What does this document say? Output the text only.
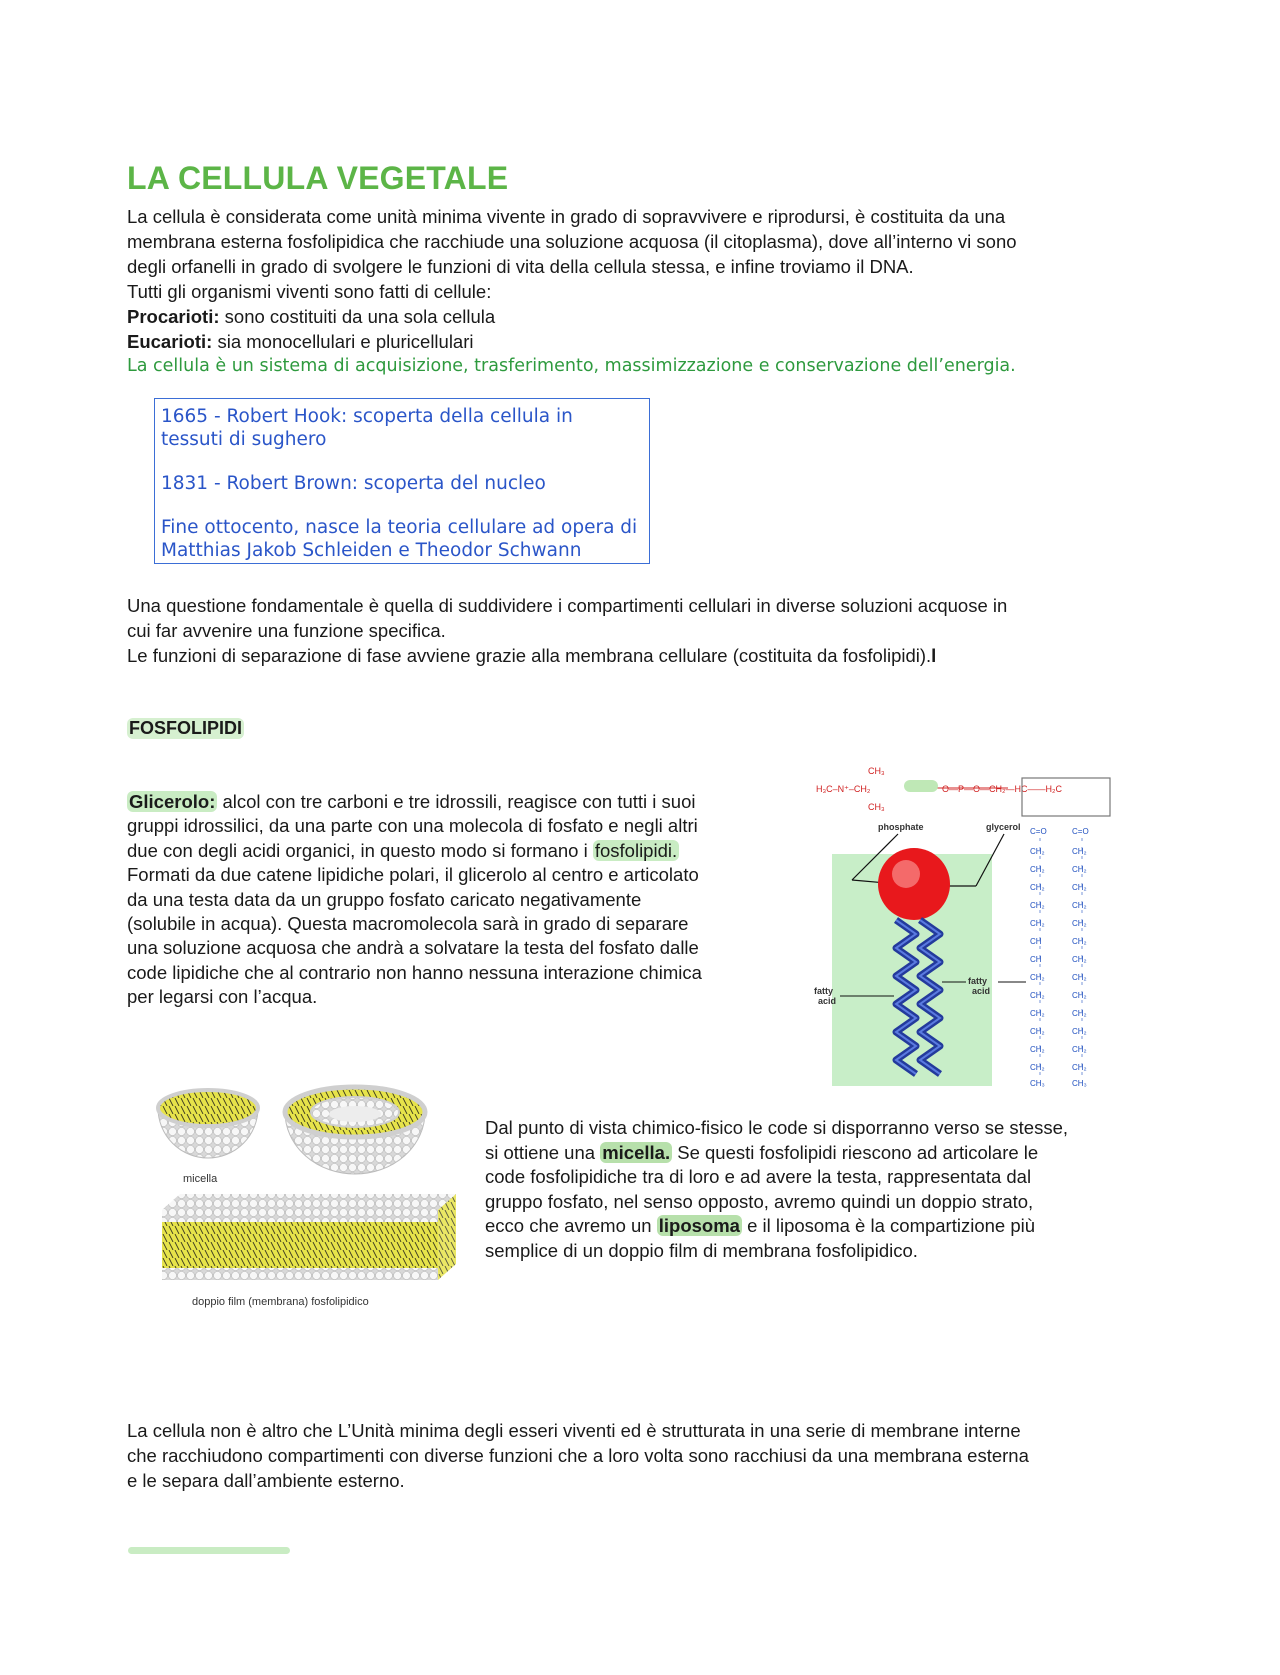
LA CELLULA VEGETALE
La cellula è considerata come unità minima vivente in grado di sopravvivere e riprodursi, è costituita da una
membrana esterna fosfolipidica che racchiude una soluzione acquosa (il citoplasma), dove all’interno vi sono
degli orfanelli in grado di svolgere le funzioni di vita della cellula stessa, e infine troviamo il DNA.
Tutti gli organismi viventi sono fatti di cellule:
Procarioti: sono costituiti da una sola cellula
Eucarioti: sia monocellulari e pluricellulari
La cellula è un sistema di acquisizione, trasferimento, massimizzazione e conservazione dell’energia.
1665 - Robert Hook: scoperta della cellula in
tessuti di sughero
1831 - Robert Brown: scoperta del nucleo
Fine ottocento, nasce la teoria cellulare ad opera di
Matthias Jakob Schleiden e Theodor Schwann
Una questione fondamentale è quella di suddividere i compartimenti cellulari in diverse soluzioni acquose in
cui far avvenire una funzione specifica.
Le funzioni di separazione di fase avviene grazie alla membrana cellulare (costituita da fosfolipidi).l
FOSFOLIPIDI
Glicerolo: alcol con tre carboni e tre idrossili, reagisce con tutti i suoi
gruppi idrossilici, da una parte con una molecola di fosfato e negli altri
due con degli acidi organici, in questo modo si formano i fosfolipidi.
Formati da due catene lipidiche polari, il glicerolo al centro e articolato
da una testa data da un gruppo fosfato caricato negativamente
(solubile in acqua). Questa macromolecola sarà in grado di separare
una soluzione acquosa che andrà a solvatare la testa del fosfato dalle
code lipidiche che al contrario non hanno nessuna interazione chimica
per legarsi con l’acqua.
CH₃
H₃C–N⁺–CH₂
CH₃
O—P—O—CH₂—HC——H₂C
phosphate	glycerol
fatty
acid
fatty
acid
C=O
CH₂
CH₂
CH₂
CH₂
CH₂
CH
CH
CH₂
CH₂
CH₂
CH₂
CH₂
CH₂
CH₃
C=O
CH₂
CH₂
CH₂
CH₂
CH₂
CH₂
CH₂
CH₂
CH₂
CH₂
CH₂
CH₂
CH₂
CH₃
micella
doppio film (membrana) fosfolipidico
Dal punto di vista chimico-fisico le code si disporranno verso se stesse,
si ottiene una micella. Se questi fosfolipidi riescono ad articolare le
code fosfolipidiche tra di loro e ad avere la testa, rappresentata dal
gruppo fosfato, nel senso opposto, avremo quindi un doppio strato,
ecco che avremo un liposoma e il liposoma è la compartizione più
semplice di un doppio film di membrana fosfolipidico.
La cellula non è altro che L’Unità minima degli esseri viventi ed è strutturata in una serie di membrane interne
che racchiudono compartimenti con diverse funzioni che a loro volta sono racchiusi da una membrana esterna
e le separa dall’ambiente esterno.
